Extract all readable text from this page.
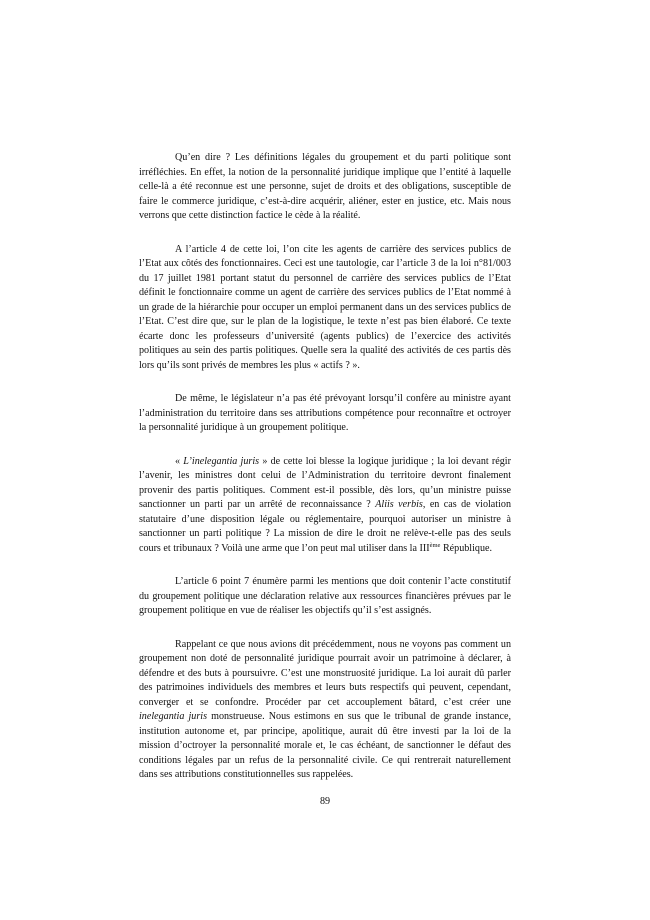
Qu’en dire ? Les définitions légales du groupement et du parti politique sont irréfléchies. En effet, la notion de la personnalité juridique implique que l’entité à laquelle celle-là a été reconnue est une personne, sujet de droits et des obligations, susceptible de faire le commerce juridique, c’est-à-dire acquérir, aliéner, ester en justice, etc. Mais nous verrons que cette distinction factice le cède à la réalité.

A l’article 4 de cette loi, l’on cite les agents de carrière des services publics de l’Etat aux côtés des fonctionnaires. Ceci est une tautologie, car l’article 3 de la loi n°81/003 du 17 juillet 1981 portant statut du personnel de carrière des services publics de l’Etat définit le fonctionnaire comme un agent de carrière des services publics de l’Etat nommé à un grade de la hiérarchie pour occuper un emploi permanent dans un des services publics de l’Etat. C’est dire que, sur le plan de la logistique, le texte n’est pas bien élaboré. Ce texte écarte donc les professeurs d’université (agents publics) de l’exercice des activités politiques au sein des partis politiques. Quelle sera la qualité des activités de ces partis dès lors qu’ils sont privés de membres les plus « actifs ? ».

De même, le législateur n’a pas été prévoyant lorsqu’il confère au ministre ayant l’administration du territoire dans ses attributions compétence pour reconnaître et octroyer la personnalité juridique à un groupement politique.

« L’inelegantia juris » de cette loi blesse la logique juridique ; la loi devant régir l’avenir, les ministres dont celui de l’Administration du territoire devront finalement provenir des partis politiques. Comment est-il possible, dès lors, qu’un ministre puisse sanctionner un parti par un arrêté de reconnaissance ? Aliis verbis, en cas de violation statutaire d’une disposition légale ou réglementaire, pourquoi autoriser un ministre à sanctionner un parti politique ? La mission de dire le droit ne relève-t-elle pas des seuls cours et tribunaux ? Voilà une arme que l’on peut mal utiliser dans la IIIème République.

L’article 6 point 7 énumère parmi les mentions que doit contenir l’acte constitutif du groupement politique une déclaration relative aux ressources financières prévues par le groupement politique en vue de réaliser les objectifs qu’il s’est assignés.

Rappelant ce que nous avions dit précédemment, nous ne voyons pas comment un groupement non doté de personnalité juridique pourrait avoir un patrimoine à déclarer, à défendre et des buts à poursuivre. C’est une monstruosité juridique. La loi aurait dû parler des patrimoines individuels des membres et leurs buts respectifs qui peuvent, cependant, converger et se confondre. Procéder par cet accouplement bâtard, c’est créer une inelegantia juris monstrueuse. Nous estimons en sus que le tribunal de grande instance, institution autonome et, par principe, apolitique, aurait dû être investi par la loi de la mission d’octroyer la personnalité morale et, le cas échéant, de sanctionner le défaut des conditions légales par un refus de la personnalité civile. Ce qui rentrerait naturellement dans ses attributions constitutionnelles sus rappelées.

89
